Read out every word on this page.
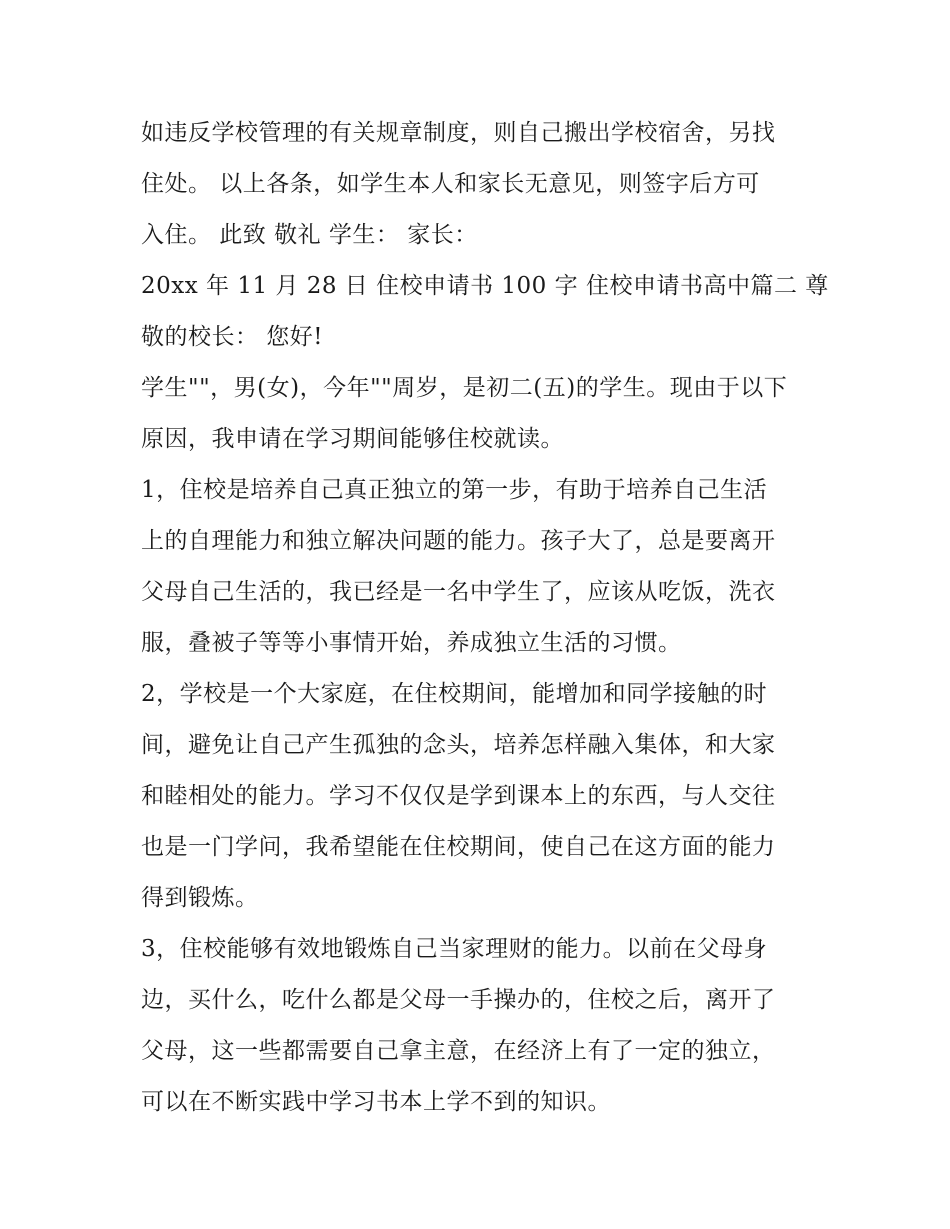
如违反学校管理的有关规章制度，则自己搬出学校宿舍，另找
住处。 以上各条，如学生本人和家长无意见，则签字后方可
入住。 此致 敬礼 学生： 家长：
20xx 年 11 月 28 日 住校申请书 100 字 住校申请书高中篇二 尊
敬的校长： 您好!
学生""，男(女)，今年""周岁，是初二(五)的学生。现由于以下
原因，我申请在学习期间能够住校就读。
1，住校是培养自己真正独立的第一步，有助于培养自己生活
上的自理能力和独立解决问题的能力。孩子大了，总是要离开
父母自己生活的，我已经是一名中学生了，应该从吃饭，洗衣
服，叠被子等等小事情开始，养成独立生活的习惯。
2，学校是一个大家庭，在住校期间，能增加和同学接触的时
间，避免让自己产生孤独的念头，培养怎样融入集体，和大家
和睦相处的能力。学习不仅仅是学到课本上的东西，与人交往
也是一门学问，我希望能在住校期间，使自己在这方面的能力
得到锻炼。
3，住校能够有效地锻炼自己当家理财的能力。以前在父母身
边，买什么，吃什么都是父母一手操办的，住校之后，离开了
父母，这一些都需要自己拿主意，在经济上有了一定的独立，
可以在不断实践中学习书本上学不到的知识。
